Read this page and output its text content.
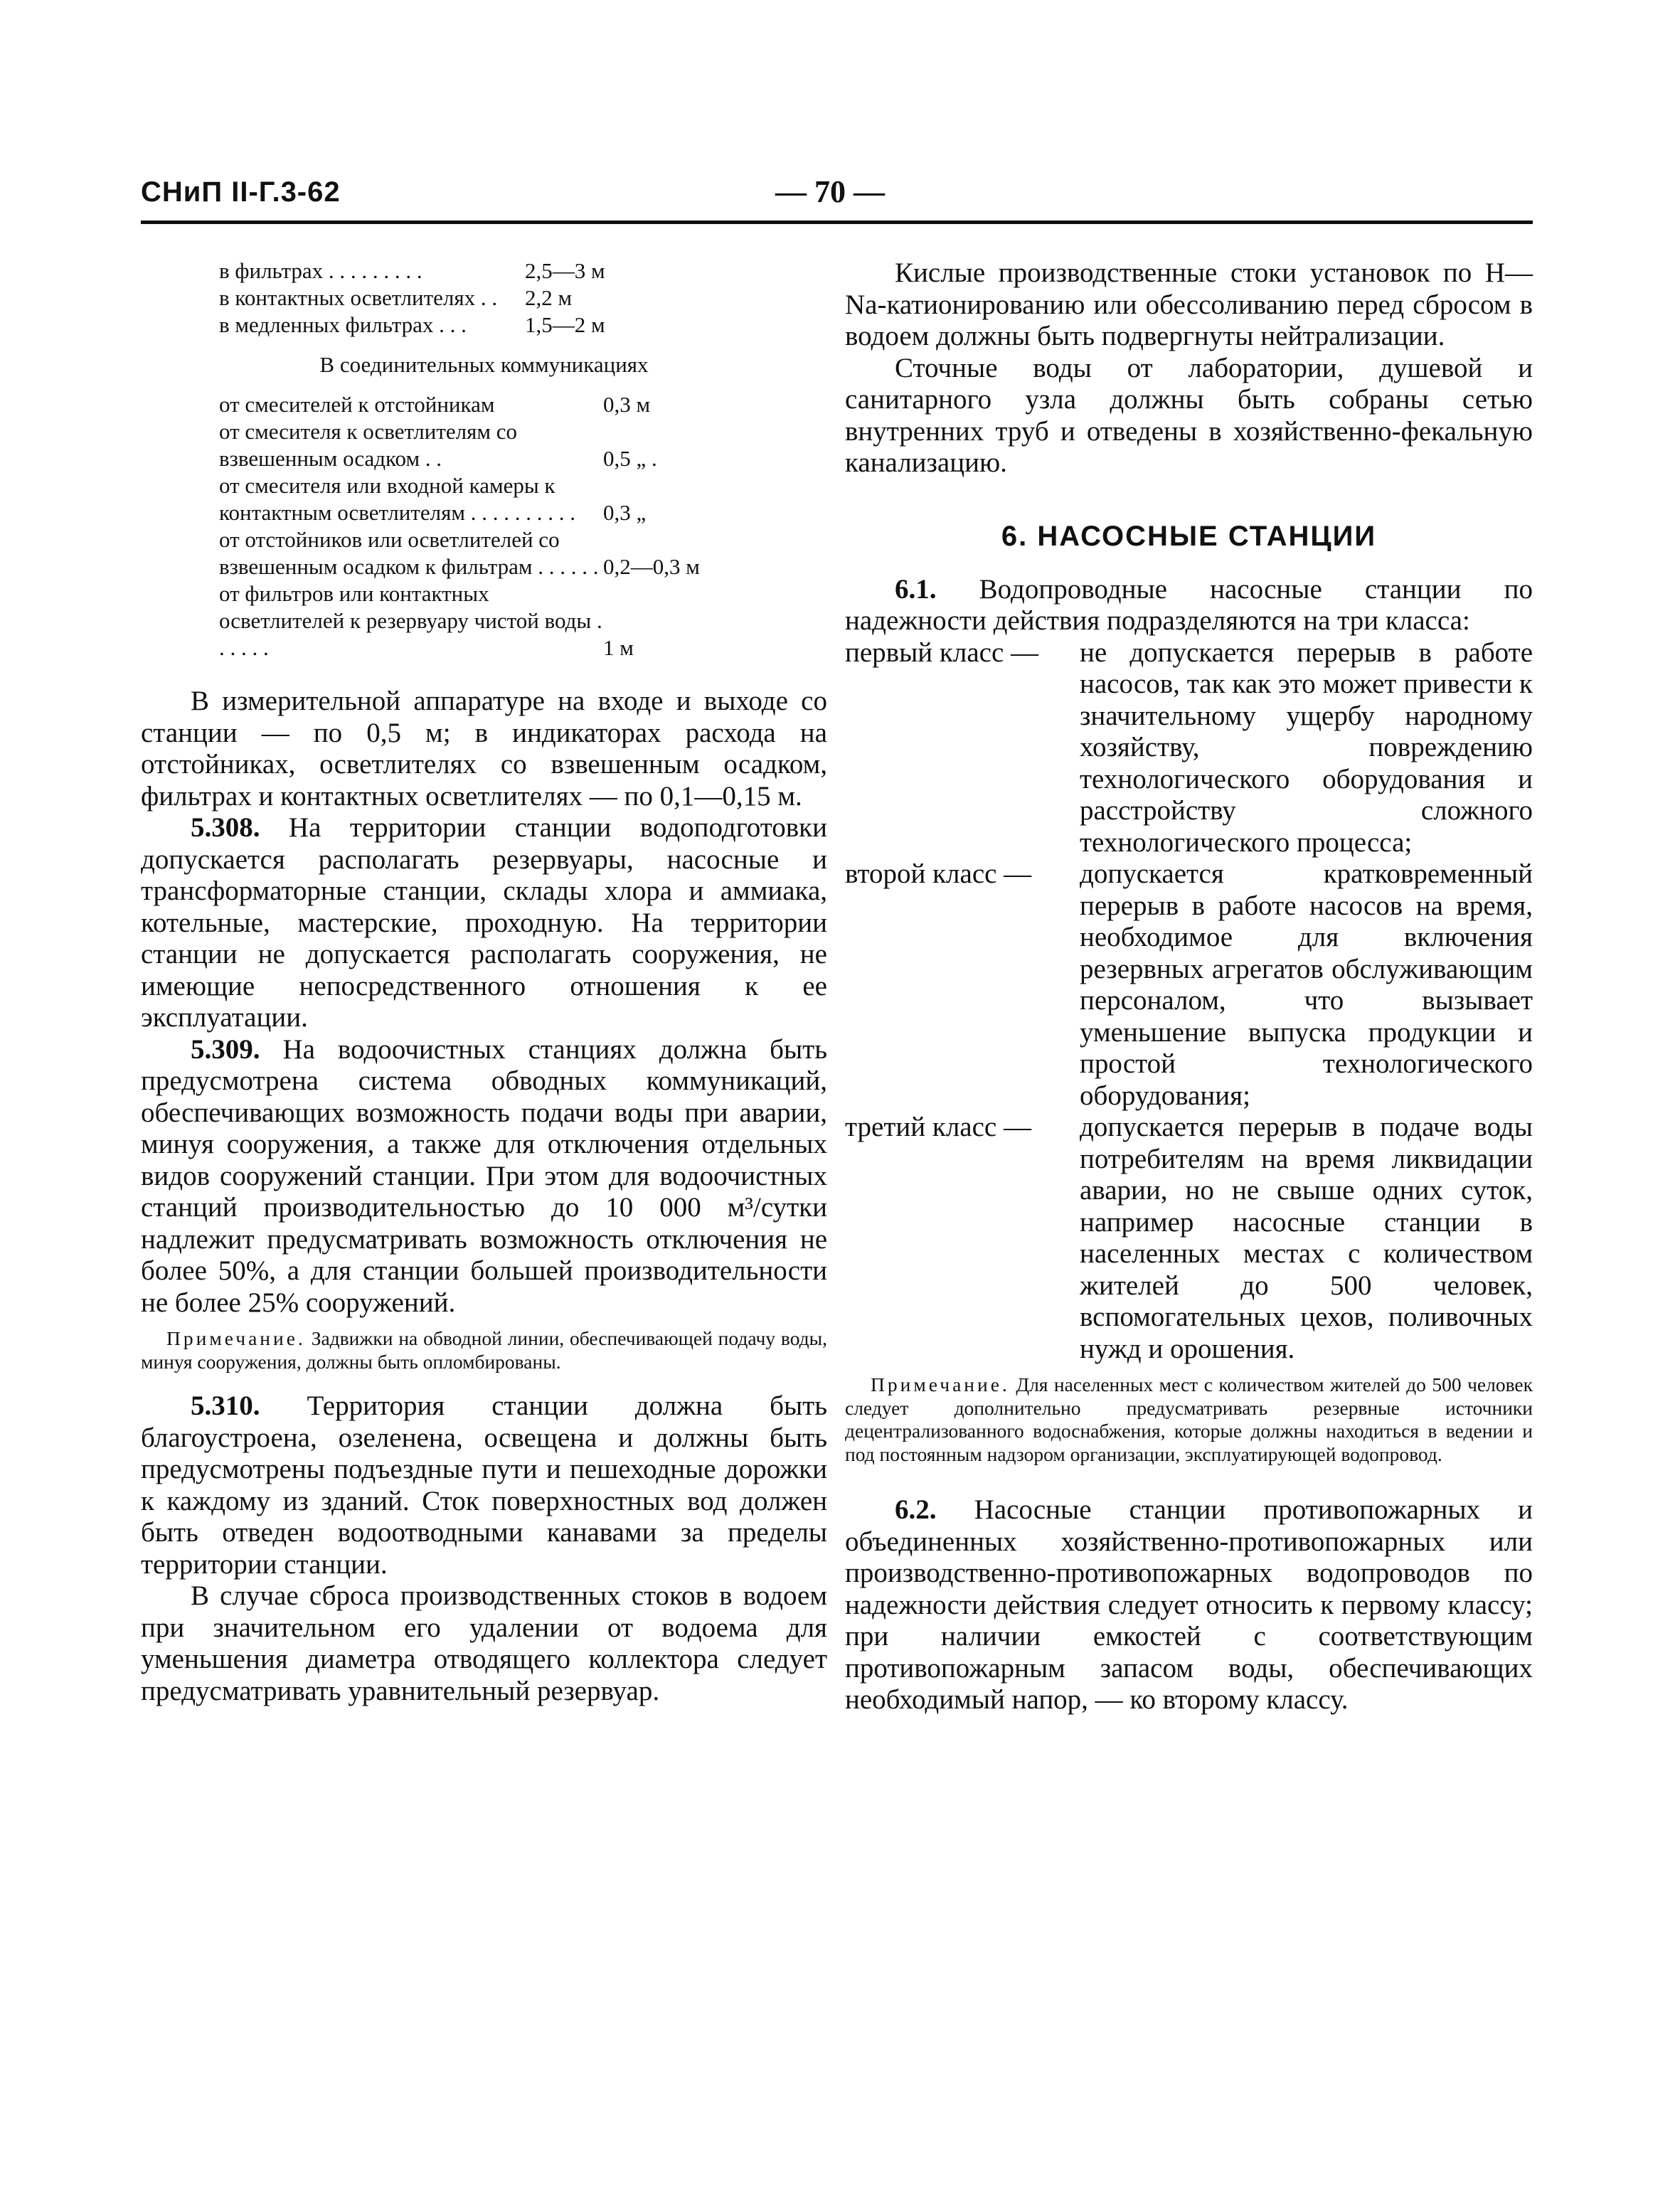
СНиП II-Г.3-62	— 70 —
в фильтрах . . . . . . . . .	2,5—3 м
в контактных осветлителях . .	2,2 м
в медленных фильтрах . . .	1,5—2 м
В соединительных коммуникациях
от смесителей к отстойникам	0,3 м
от смесителя к осветлителям со взвешенным осадком . .	0,5 „ .
от смесителя или входной камеры к контактным осветлителям . . . . . . . . . .	0,3 „
от отстойников или осветлителей со взвешенным осадком к фильтрам . . . . . . 0,2—0,3 м
от фильтров или контактных осветлителей к резервуару чистой воды . . . . . .	1 м

В измерительной аппаратуре на входе и выходе со станции — по 0,5 м; в индикаторах расхода на отстойниках, осветлителях со взвешенным осадком, фильтрах и контактных осветлителях — по 0,1—0,15 м.

5.308. На территории станции водоподготовки допускается располагать резервуары, насосные и трансформаторные станции, склады хлора и аммиака, котельные, мастерские, проходную. На территории станции не допускается располагать сооружения, не имеющие непосредственного отношения к ее эксплуатации.

5.309. На водоочистных станциях должна быть предусмотрена система обводных коммуникаций, обеспечивающих возможность подачи воды при аварии, минуя сооружения, а также для отключения отдельных видов сооружений станции. При этом для водоочистных станций производительностью до 10 000 м³/сутки надлежит предусматривать возможность отключения не более 50%, а для станции большей производительности не более 25% сооружений.

Примечание. Задвижки на обводной линии, обеспечивающей подачу воды, минуя сооружения, должны быть опломбированы.

5.310. Территория станции должна быть благоустроена, озеленена, освещена и должны быть предусмотрены подъездные пути и пешеходные дорожки к каждому из зданий. Сток поверхностных вод должен быть отведен водоотводными канавами за пределы территории станции.

В случае сброса производственных стоков в водоем при значительном его удалении от водоема для уменьшения диаметра отводящего коллектора следует предусматривать уравнительный резервуар.

Кислые производственные стоки установок по H—Na-катионированию или обессоливанию перед сбросом в водоем должны быть подвергнуты нейтрализации.

Сточные воды от лаборатории, душевой и санитарного узла должны быть собраны сетью внутренних труб и отведены в хозяйственно-фекальную канализацию.

6. НАСОСНЫЕ СТАНЦИИ

6.1. Водопроводные насосные станции по надежности действия подразделяются на три класса:

первый класс —	не допускается перерыв в работе насосов, так как это может привести к значительному ущербу народному хозяйству, повреждению технологического оборудования и расстройству сложного технологического процесса;
второй класс —	допускается кратковременный перерыв в работе насосов на время, необходимое для включения резервных агрегатов обслуживающим персоналом, что вызывает уменьшение выпуска продукции и простой технологического оборудования;
третий класс —	допускается перерыв в подаче воды потребителям на время ликвидации аварии, но не свыше одних суток, например насосные станции в населенных местах с количеством жителей до 500 человек, вспомогательных цехов, поливочных нужд и орошения.

Примечание. Для населенных мест с количеством жителей до 500 человек следует дополнительно предусматривать резервные источники децентрализованного водоснабжения, которые должны находиться в ведении и под постоянным надзором организации, эксплуатирующей водопровод.

6.2. Насосные станции противопожарных и объединенных хозяйственно-противопожарных или производственно-противопожарных водопроводов по надежности действия следует относить к первому классу; при наличии емкостей с соответствующим противопожарным запасом воды, обеспечивающих необходимый напор, — ко второму классу.
